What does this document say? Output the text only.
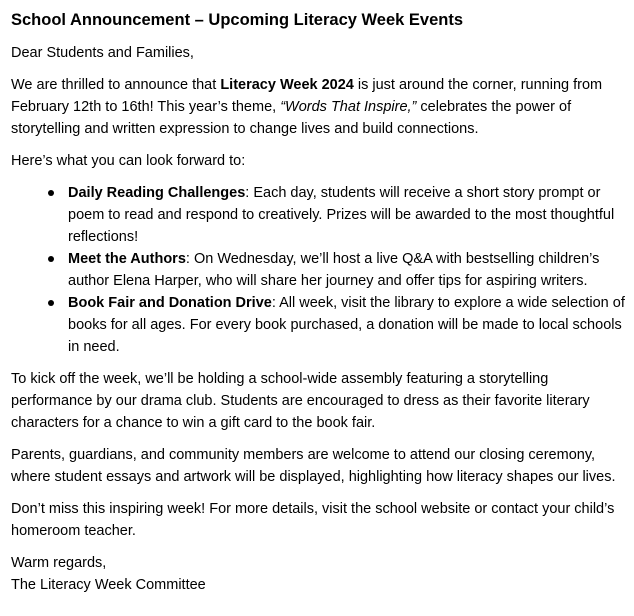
School Announcement – Upcoming Literacy Week Events

Dear Students and Families,

We are thrilled to announce that Literacy Week 2024 is just around the corner, running from February 12th to 16th! This year’s theme, “Words That Inspire,” celebrates the power of storytelling and written expression to change lives and build connections.

Here’s what you can look forward to:

Daily Reading Challenges: Each day, students will receive a short story prompt or poem to read and respond to creatively. Prizes will be awarded to the most thoughtful reflections!
Meet the Authors: On Wednesday, we’ll host a live Q&A with bestselling children’s author Elena Harper, who will share her journey and offer tips for aspiring writers.
Book Fair and Donation Drive: All week, visit the library to explore a wide selection of books for all ages. For every book purchased, a donation will be made to local schools in need.

To kick off the week, we’ll be holding a school-wide assembly featuring a storytelling performance by our drama club. Students are encouraged to dress as their favorite literary characters for a chance to win a gift card to the book fair.

Parents, guardians, and community members are welcome to attend our closing ceremony, where student essays and artwork will be displayed, highlighting how literacy shapes our lives.

Don’t miss this inspiring week! For more details, visit the school website or contact your child’s homeroom teacher.

Warm regards,
The Literacy Week Committee
